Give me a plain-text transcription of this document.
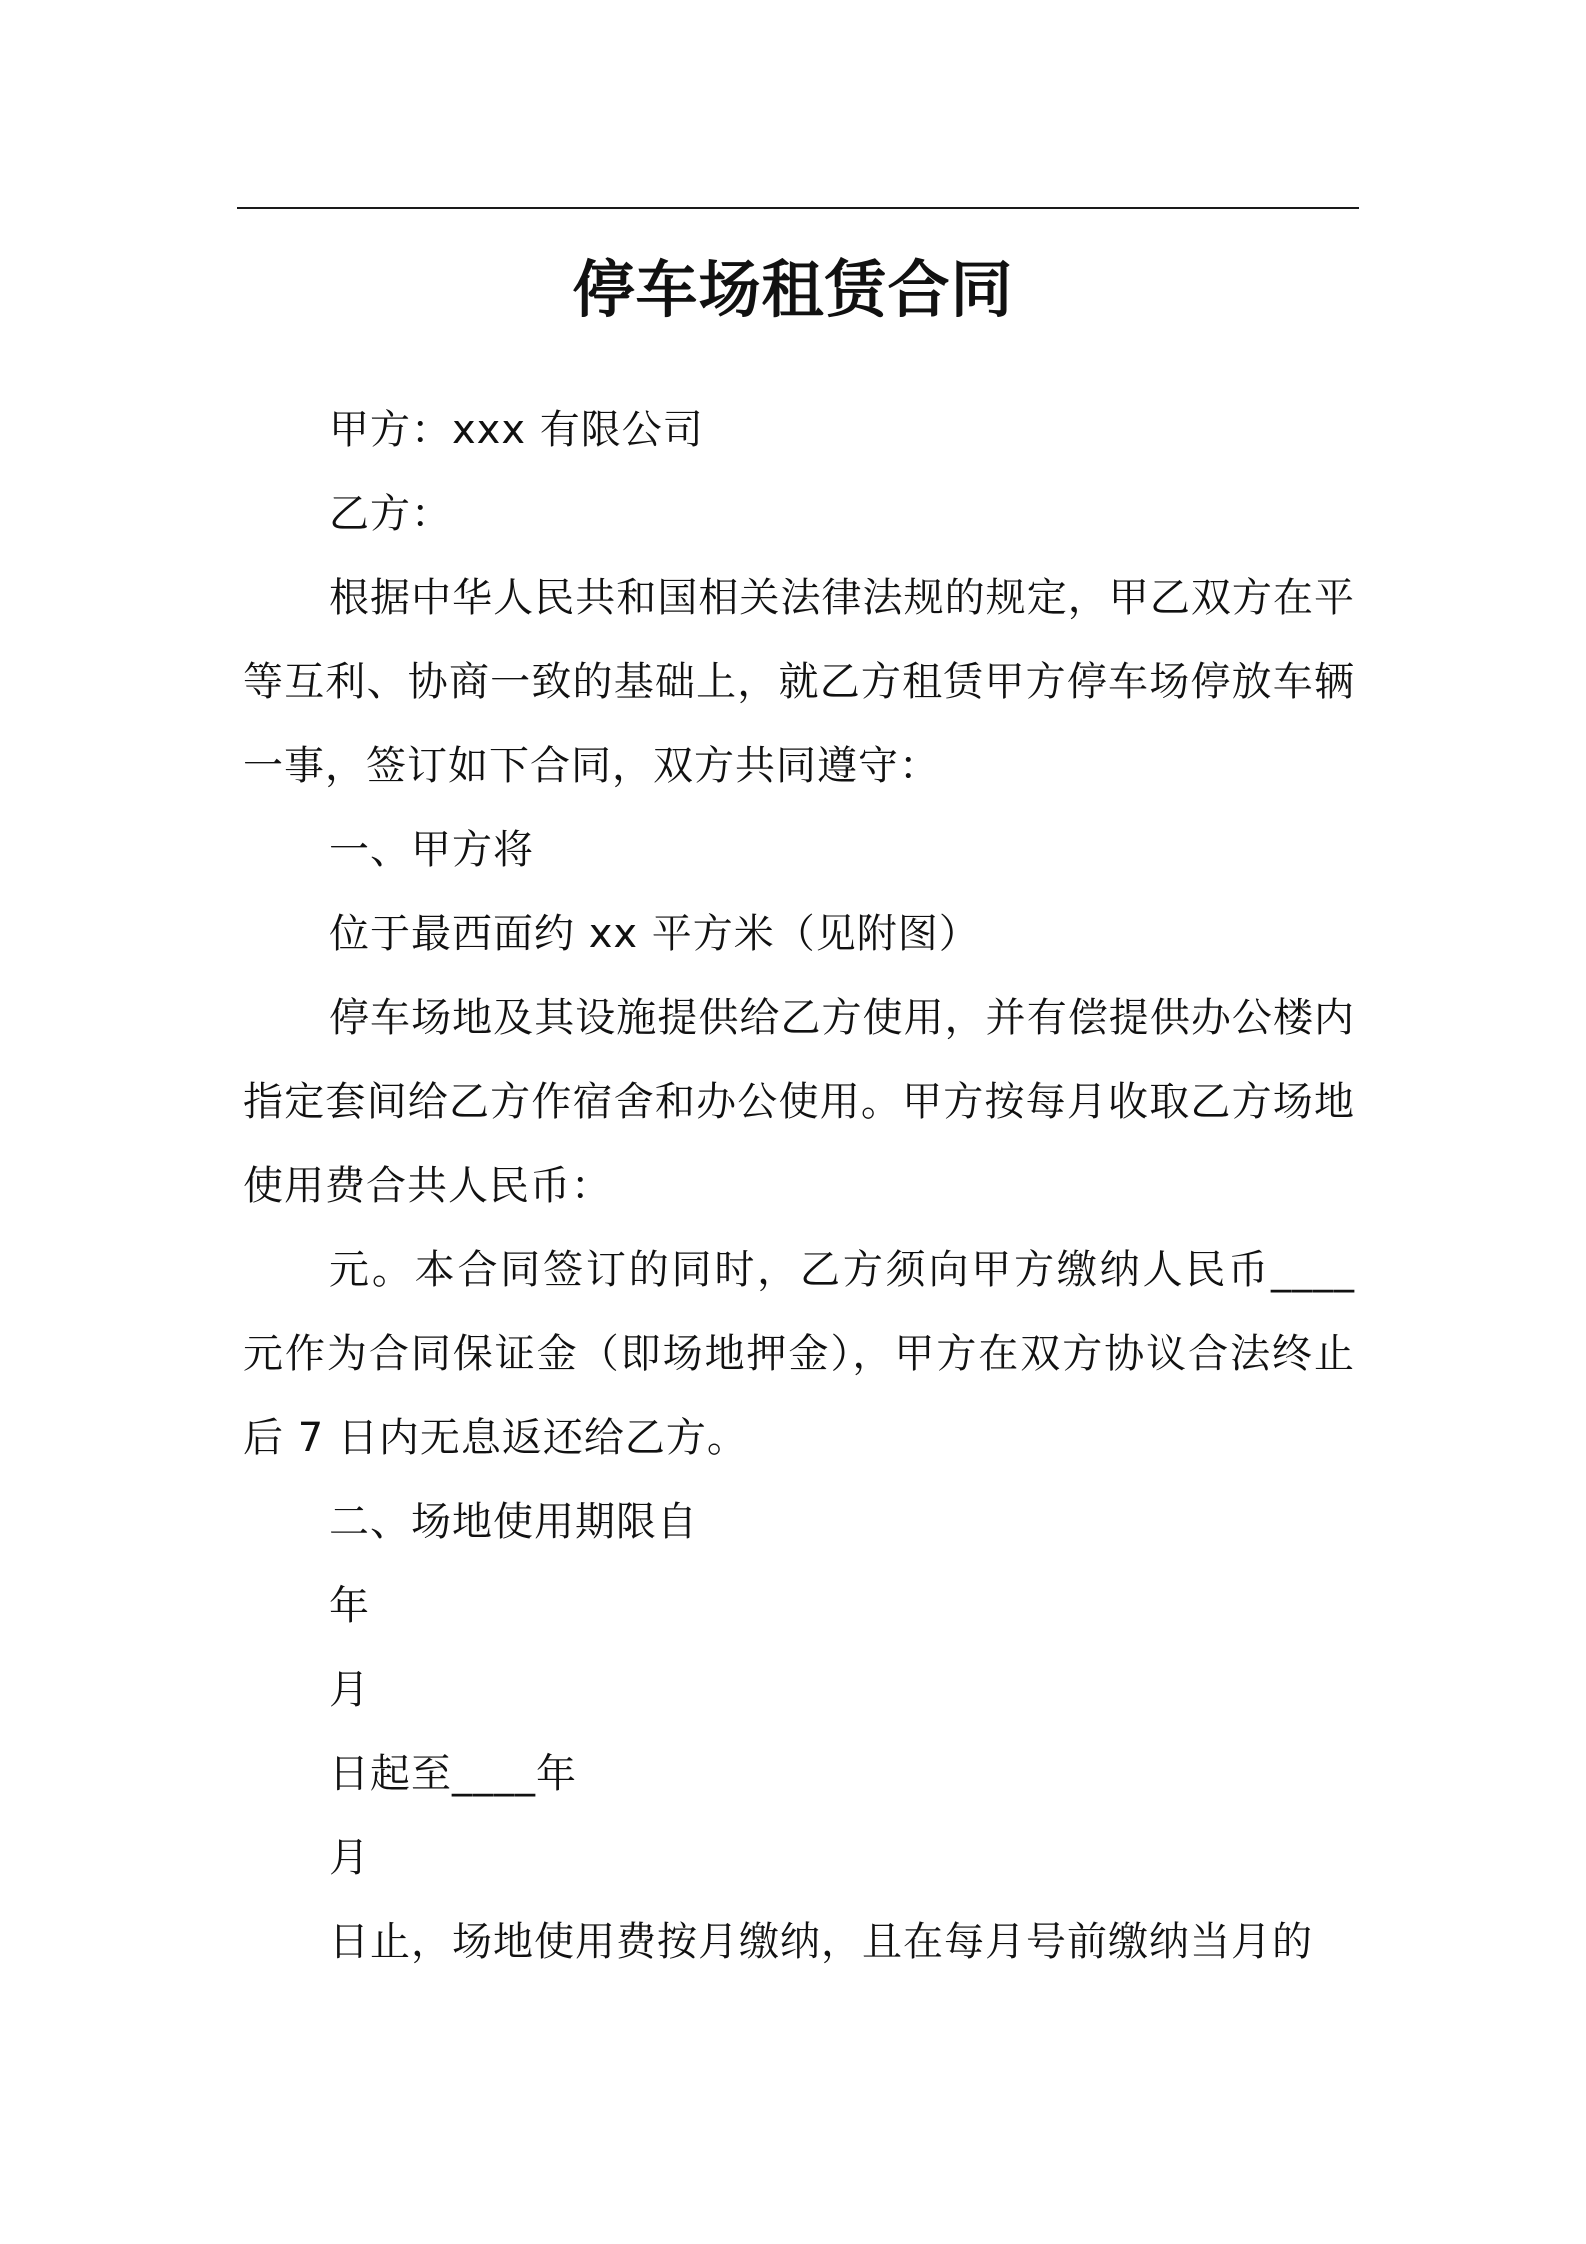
停车场租赁合同

甲方：xxx 有限公司

乙方：

根据中华人民共和国相关法律法规的规定，甲乙双方在平等互利、协商一致的基础上，就乙方租赁甲方停车场停放车辆一事，签订如下合同，双方共同遵守：

一、甲方将

位于最西面约 xx 平方米（见附图）

停车场地及其设施提供给乙方使用，并有偿提供办公楼内指定套间给乙方作宿舍和办公使用。甲方按每月收取乙方场地使用费合共人民币：

元。本合同签订的同时，乙方须向甲方缴纳人民币____元作为合同保证金（即场地押金），甲方在双方协议合法终止后 7 日内无息返还给乙方。

二、场地使用期限自

年

月

日起至____年

月

日止，场地使用费按月缴纳，且在每月号前缴纳当月的
